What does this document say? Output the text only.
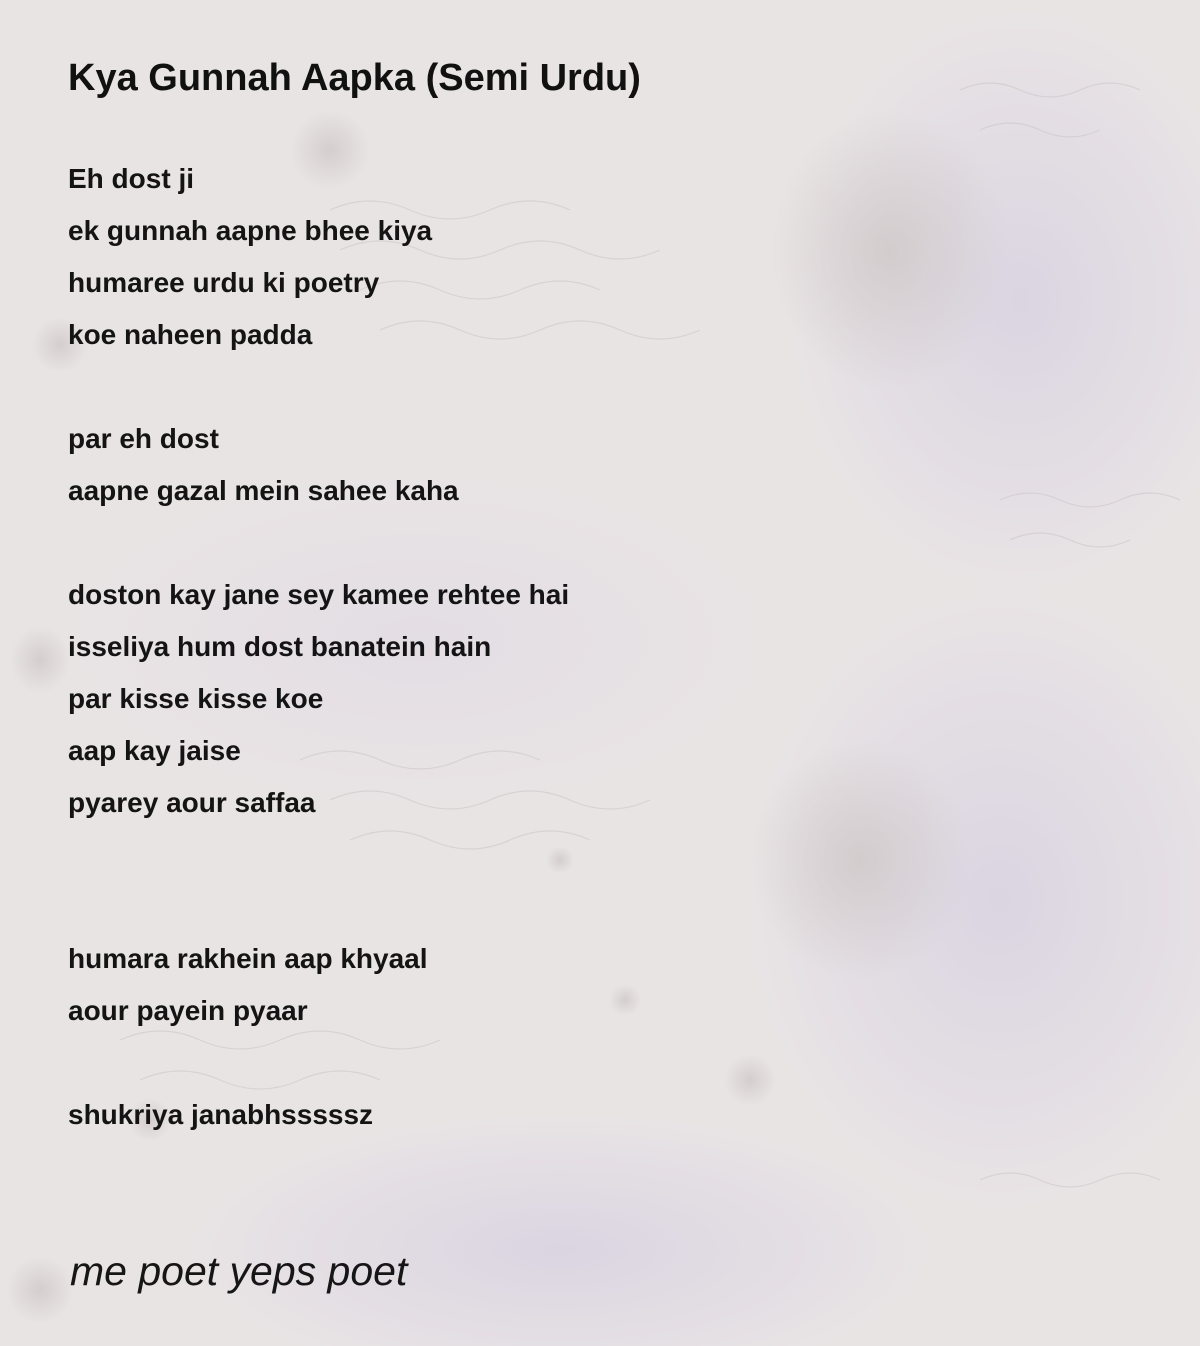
Kya Gunnah Aapka (Semi Urdu)
Eh dost ji
ek gunnah aapne bhee kiya
humaree urdu ki poetry
koe naheen padda
par eh dost
aapne gazal mein sahee kaha
doston kay jane sey kamee rehtee hai
isseliya hum dost banatein hain
par kisse kisse koe
aap kay jaise
pyarey aour saffaa
humara rakhein aap khyaal
aour payein pyaar
shukriya janabhsssssz
me poet yeps poet
